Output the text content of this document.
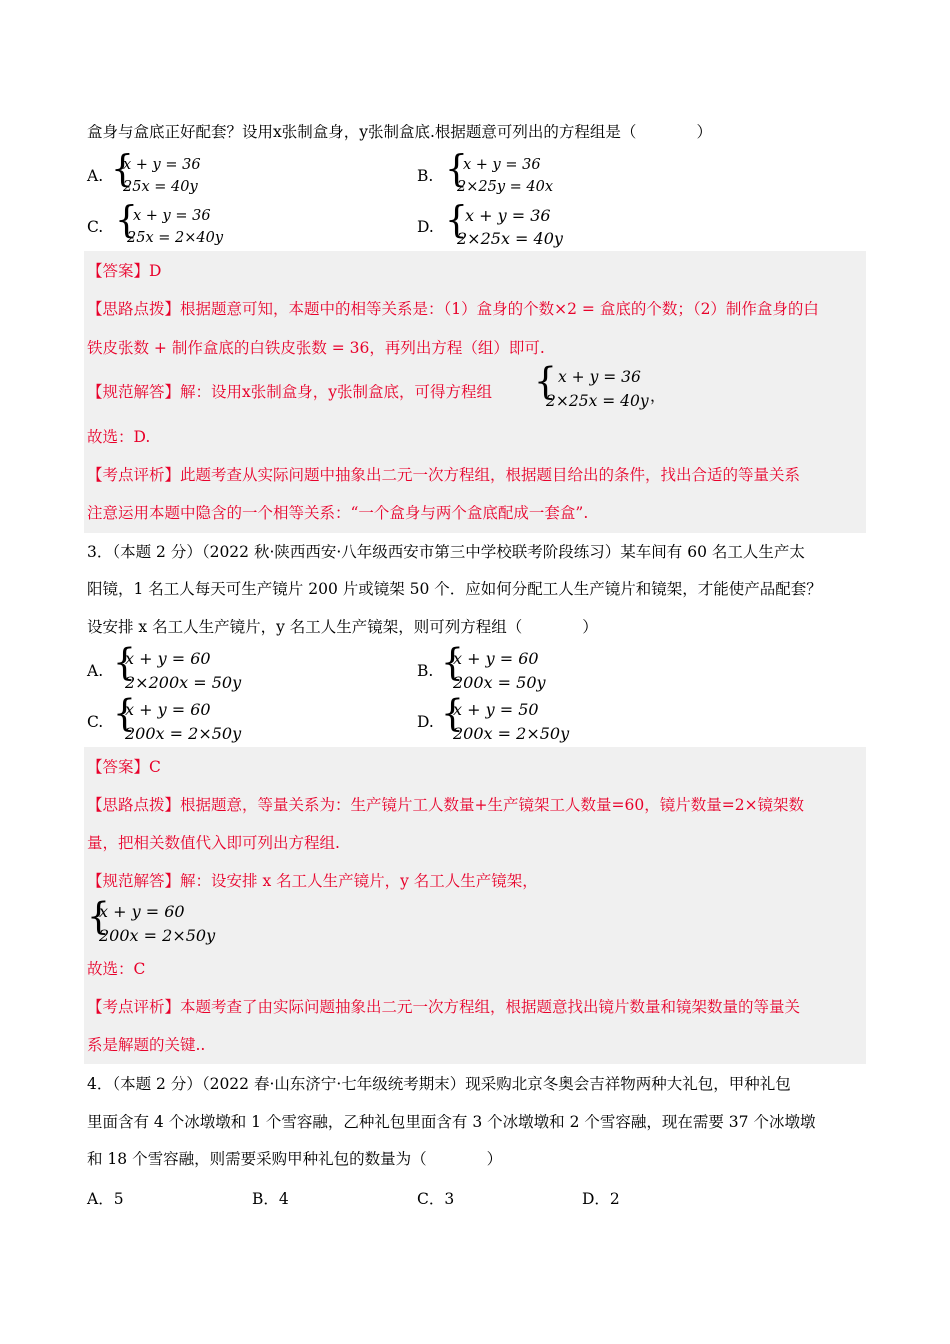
盒身与盒底正好配套？设用x张制盒身，y张制盒底.根据题意可列出的方程组是（	）
A. {
x + y = 36
25x = 40y
B. {
x + y = 36
2×25y = 40x
C. {
x + y = 36
25x = 2×40y
D. {
x + y = 36
2×25x = 40y
【答案】D
【思路点拨】根据题意可知，本题中的相等关系是：（1）盒身的个数×2 = 盒底的个数；（2）制作盒身的白
铁皮张数 + 制作盒底的白铁皮张数 = 36，再列出方程（组）即可.
【规范解答】解：设用x张制盒身，y张制盒底，可得方程组 { x + y = 36
2×25x = 40y ，
故选：D.
【考点评析】此题考查从实际问题中抽象出二元一次方程组，根据题目给出的条件，找出合适的等量关系
注意运用本题中隐含的一个相等关系：“一个盒身与两个盒底配成一套盒”.
3．（本题 2 分）（2022 秋·陕西西安·八年级西安市第三中学校联考阶段练习）某车间有 60 名工人生产太
阳镜，1 名工人每天可生产镜片 200 片或镜架 50 个．应如何分配工人生产镜片和镜架，才能使产品配套？
设安排 x 名工人生产镜片，y 名工人生产镜架，则可列方程组（	）
A. {
x + y = 60
2×200x = 50y
B. {
x + y = 60
200x = 50y
C. {
x + y = 60
200x = 2×50y
D. {
x + y = 50
200x = 2×50y
【答案】C
【思路点拨】根据题意，等量关系为：生产镜片工人数量+生产镜架工人数量=60，镜片数量=2×镜架数
量，把相关数值代入即可列出方程组.
【规范解答】解：设安排 x 名工人生产镜片，y 名工人生产镜架，
{
x + y = 60
200x = 2×50y
故选：C
【考点评析】本题考查了由实际问题抽象出二元一次方程组，根据题意找出镜片数量和镜架数量的等量关
系是解题的关键..
4．（本题 2 分）（2022 春·山东济宁·七年级统考期末）现采购北京冬奥会吉祥物两种大礼包，甲种礼包
里面含有 4 个冰墩墩和 1 个雪容融，乙种礼包里面含有 3 个冰墩墩和 2 个雪容融，现在需要 37 个冰墩墩
和 18 个雪容融，则需要采购甲种礼包的数量为（	）
A．5	B．4	C．3	D．2
